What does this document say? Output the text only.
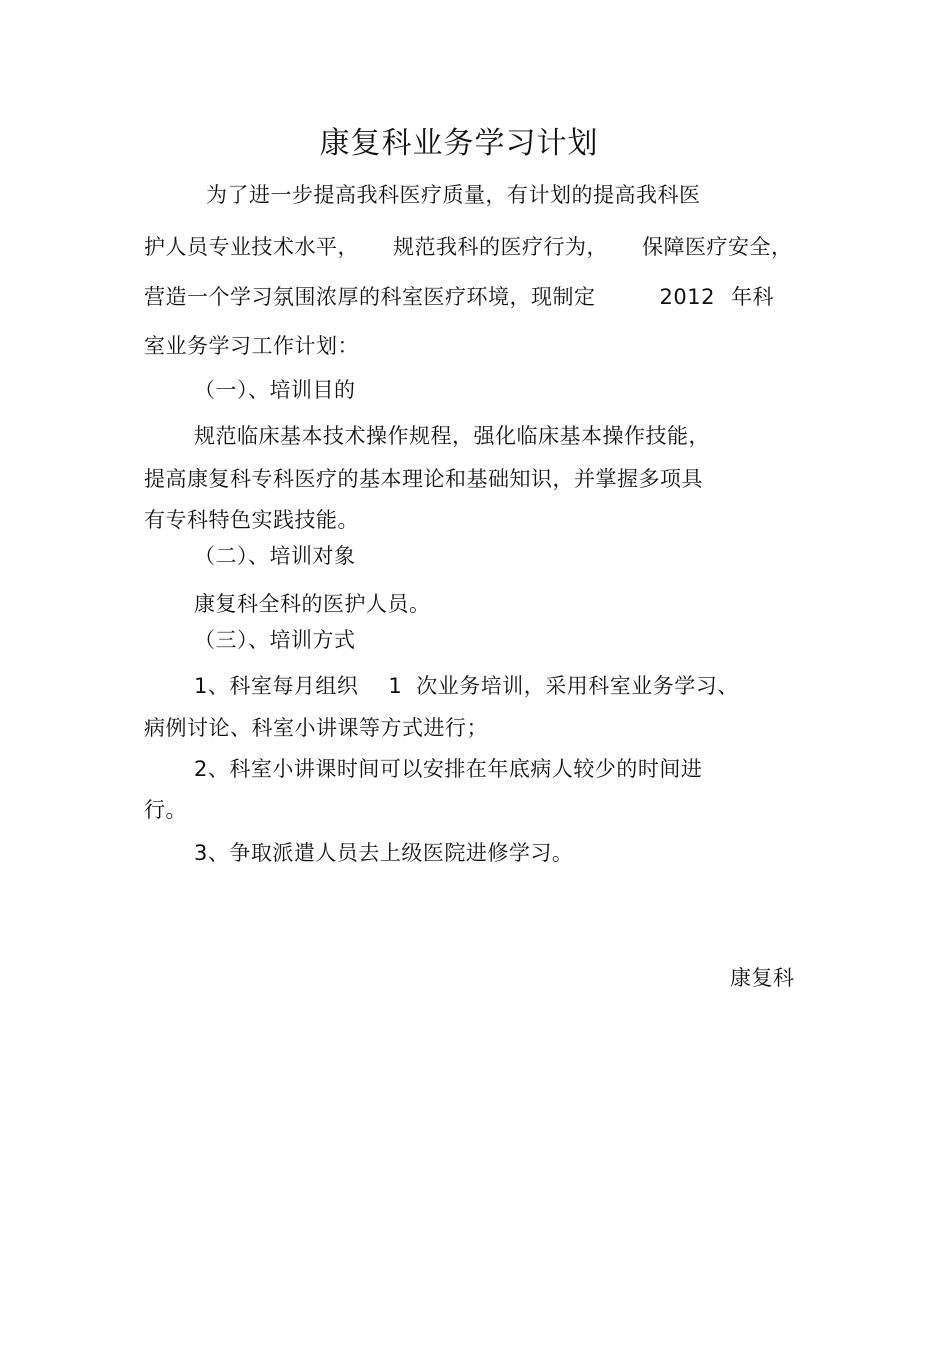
康复科业务学习计划
为了进一步提高我科医疗质量，有计划的提高我科医
护人员专业技术水平， 规范我科的医疗行为， 保障医疗安全，
营造一个学习氛围浓厚的科室医疗环境，现制定	2012 年科
室业务学习工作计划：
（一）、培训目的
规范临床基本技术操作规程，强化临床基本操作技能，
提高康复科专科医疗的基本理论和基础知识，并掌握多项具
有专科特色实践技能。
（二）、培训对象
康复科全科的医护人员。
（三）、培训方式
1、科室每月组织 1 次业务培训，采用科室业务学习、
病例讨论、科室小讲课等方式进行；
2、科室小讲课时间可以安排在年底病人较少的时间进
行。
3、争取派遣人员去上级医院进修学习。
康复科
